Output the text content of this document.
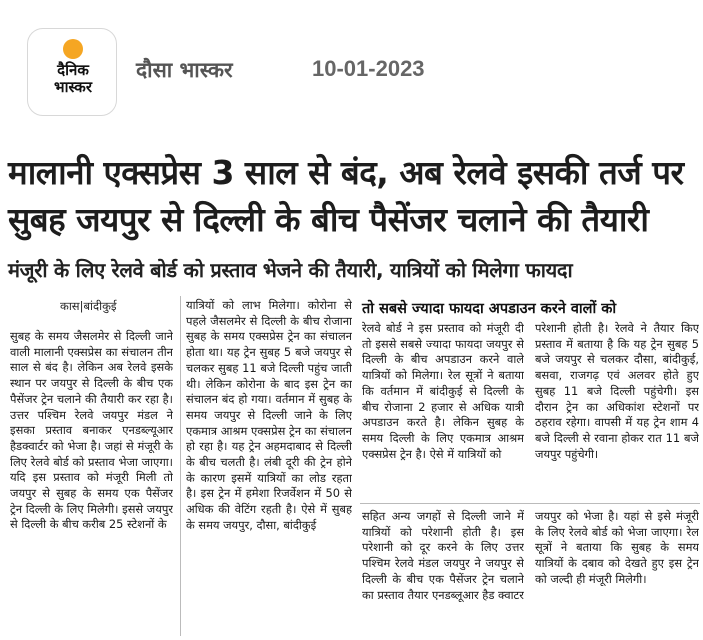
दैनिक
भास्कर
दौसा भास्कर	10-01-2023
मालानी एक्सप्रेस 3 साल से बंद, अब रेलवे इसकी तर्ज पर
सुबह जयपुर से दिल्ली के बीच पैसेंजर चलाने की तैयारी
मंजूरी के लिए रेलवे बोर्ड को प्रस्ताव भेजने की तैयारी, यात्रियों को मिलेगा फायदा
कास|बांदीकुई

सुबह के समय जैसलमेर से दिल्ली जाने वाली मालानी एक्सप्रेस का संचालन तीन साल से बंद है। लेकिन अब रेलवे इसके स्थान पर जयपुर से दिल्ली के बीच एक पैसेंजर ट्रेन चलाने की तैयारी कर रहा है। उत्तर पश्चिम रेलवे जयपुर मंडल ने इसका प्रस्ताव बनाकर एनडब्ल्यूआर हैडक्वार्टर को भेजा है। जहां से मंजूरी के लिए रेलवे बोर्ड को प्रस्ताव भेजा जाएगा। यदि इस प्रस्ताव को मंजूरी मिली तो जयपुर से सुबह के समय एक पैसेंजर ट्रेन दिल्ली के लिए मिलेगी। इससे जयपुर से दिल्ली के बीच करीब 25 स्टेशनों के

यात्रियों को लाभ मिलेगा। कोरोना से पहले जैसलमेर से दिल्ली के बीच रोजाना सुबह के समय एक्सप्रेस ट्रेन का संचालन होता था। यह ट्रेन सुबह 5 बजे जयपुर से चलकर सुबह 11 बजे दिल्ली पहुंच जाती थी। लेकिन कोरोना के बाद इस ट्रेन का संचालन बंद हो गया। वर्तमान में सुबह के समय जयपुर से दिल्ली जाने के लिए एकमात्र आश्रम एक्सप्रेस ट्रेन का संचालन हो रहा है। यह ट्रेन अहमदाबाद से दिल्ली के बीच चलती है। लंबी दूरी की ट्रेन होने के कारण इसमें यात्रियों का लोड रहता है। इस ट्रेन में हमेशा रिजर्वेशन में 50 से अधिक की वेटिंग रहती है। ऐसे में सुबह के समय जयपुर, दौसा, बांदीकुई

तो सबसे ज्यादा फायदा अपडाउन करने वालों को

रेलवे बोर्ड ने इस प्रस्ताव को मंजूरी दी तो इससे सबसे ज्यादा फायदा जयपुर से दिल्ली के बीच अपडाउन करने वाले यात्रियों को मिलेगा। रेल सूत्रों ने बताया कि वर्तमान में बांदीकुई से दिल्ली के बीच रोजाना 2 हजार से अधिक यात्री अपडाउन करते है। लेकिन सुबह के समय दिल्ली के लिए एकमात्र आश्रम एक्सप्रेस ट्रेन है। ऐसे में यात्रियों को

परेशानी होती है। रेलवे ने तैयार किए प्रस्ताव में बताया है कि यह ट्रेन सुबह 5 बजे जयपुर से चलकर दौसा, बांदीकुई, बसवा, राजगढ़ एवं अलवर होते हुए सुबह 11 बजे दिल्ली पहुंचेगी। इस दौरान ट्रेन का अधिकांश स्टेशनों पर ठहराव रहेगा। वापसी में यह ट्रेन शाम 4 बजे दिल्ली से रवाना होकर रात 11 बजे जयपुर पहुंचेगी।

सहित अन्य जगहों से दिल्ली जाने में यात्रियों को परेशानी होती है। इस परेशानी को दूर करने के लिए उत्तर पश्चिम रेलवे मंडल जयपुर ने जयपुर से दिल्ली के बीच एक पैसेंजर ट्रेन चलाने का प्रस्ताव तैयार एनडब्लूआर हैड क्वाटर

जयपुर को भेजा है। यहां से इसे मंजूरी के लिए रेलवे बोर्ड को भेजा जाएगा। रेल सूत्रों ने बताया कि सुबह के समय यात्रियों के दबाव को देखते हुए इस ट्रेन को जल्दी ही मंजूरी मिलेगी।
